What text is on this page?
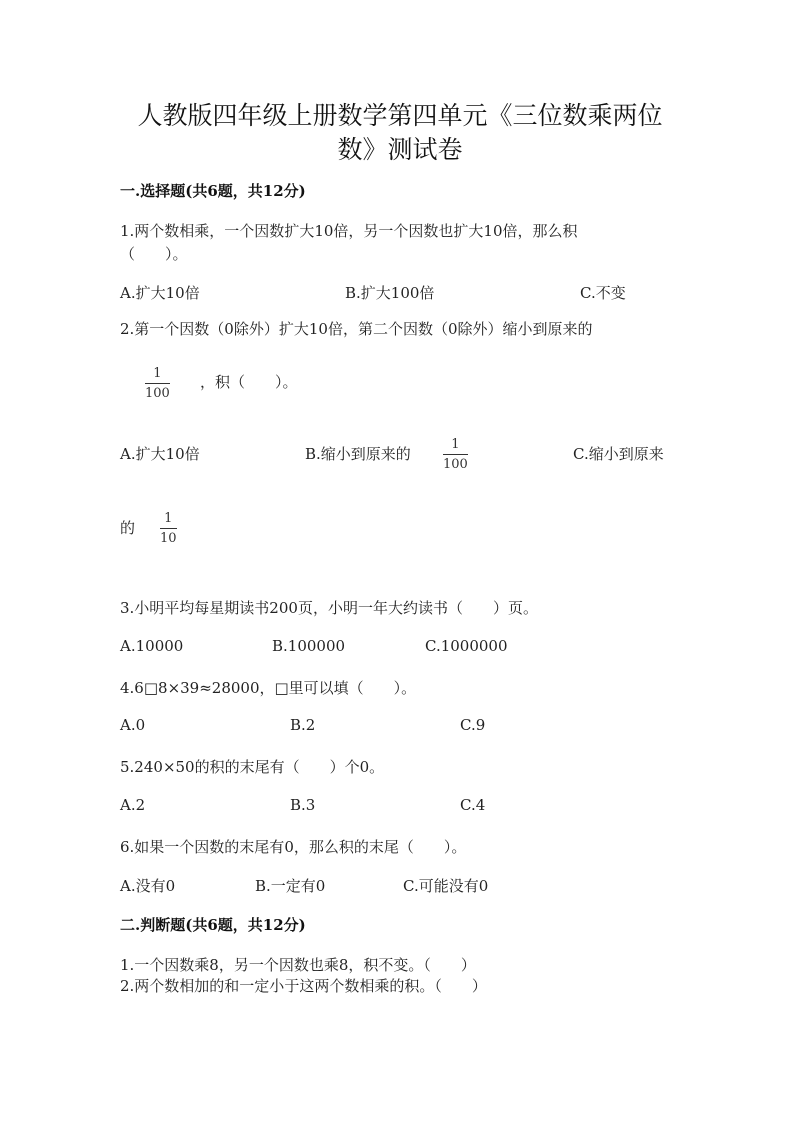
人教版四年级上册数学第四单元《三位数乘两位
数》测试卷
一.选择题(共6题，共12分)
1.两个数相乘，一个因数扩大10倍，另一个因数也扩大10倍，那么积
（　　）。
A.扩大10倍	B.扩大100倍	C.不变
2.第一个因数（0除外）扩大10倍，第二个因数（0除外）缩小到原来的
1
100
，积（　　）。
A.扩大10倍	B.缩小到原来的
1
100
C.缩小到原来
的
1
10
3.小明平均每星期读书200页，小明一年大约读书（　　）页。
A.10000	B.100000	C.1000000
4.6□8×39≈28000，□里可以填（　　）。
A.0	B.2	C.9
5.240×50的积的末尾有（　　）个0。
A.2	B.3	C.4
6.如果一个因数的末尾有0，那么积的末尾（　　）。
A.没有0	B.一定有0	C.可能没有0
二.判断题(共6题，共12分)
1.一个因数乘8，另一个因数也乘8，积不变。（　　）
2.两个数相加的和一定小于这两个数相乘的积。（　　）
